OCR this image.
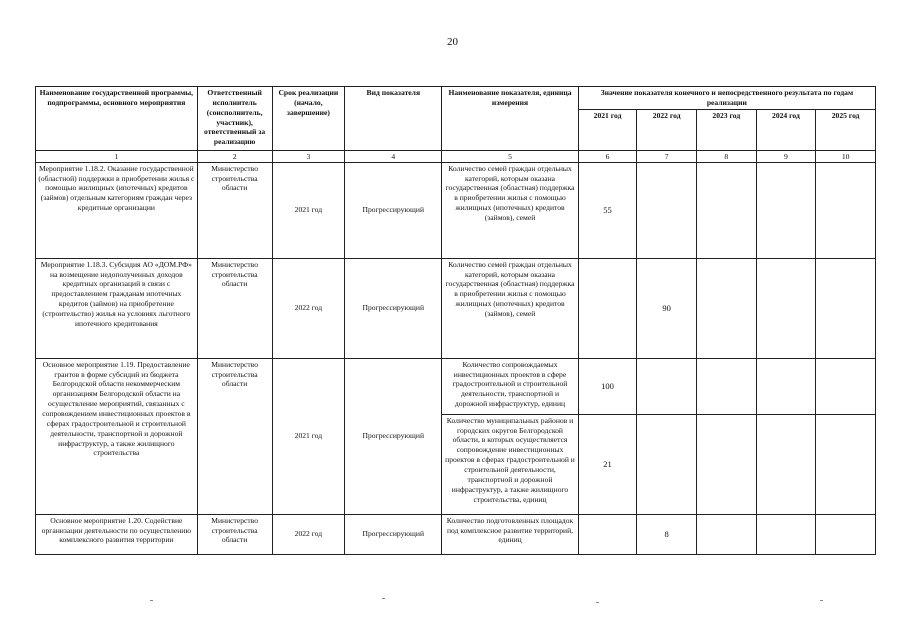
20
Наименование государственной программы, подпрограммы, основного мероприятия	Ответственный исполнитель (соисполнитель, участник), ответственный за реализацию	Срок реализации (начало, завершение)	Вид показателя	Наименование показателя, единица измерения	Значение показателя конечного и непосредственного результата по годам реализации				
					2021 год	2022 год	2023 год	2024 год	2025 год
1	2	3	4	5	6	7	8	9	10
Мероприятие 1.18.2. Оказание государственной (областной) поддержки в приобретении жилья с помощью жилищных (ипотечных) кредитов (займов) отдельным категориям граждан через кредитные организации	Министерство строительства области	2021 год	Прогрессирующий	Количество семей граждан отдельных категорий, которым оказана государственная (областная) поддержка в приобретении жилья с помощью жилищных (ипотечных) кредитов (займов), семей	55				
Мероприятие 1.18.3. Субсидия АО «ДОМ.РФ» на возмещение недополученных доходов кредитных организаций в связи с предоставлением гражданам ипотечных кредитов (займов) на приобретение (строительство) жилья на условиях льготного ипотечного кредитования	Министерство строительства области	2022 год	Прогрессирующий	Количество семей граждан отдельных категорий, которым оказана государственная (областная) поддержка в приобретении жилья с помощью жилищных (ипотечных) кредитов (займов), семей		90			
Основное мероприятие 1.19. Предоставление грантов в форме субсидий из бюджета Белгородской области некоммерческим организациям Белгородской области на осуществление мероприятий, связанных с сопровождением инвестиционных проектов в сферах градостроительной и строительной деятельности, транспортной и дорожной инфраструктур, а также жилищного строительства	Министерство строительства области	2021 год	Прогрессирующий	Количество сопровождаемых инвестиционных проектов в сфере градостроительной и строительной деятельности, транспортной и дорожной инфраструктур, единиц	100				
				Количество муниципальных районов и городских округов Белгородской области, в которых осуществляется сопровождение инвестиционных проектов в сферах градостроительной и строительной деятельности, транспортной и дорожной инфраструктур, а также жилищного строительства, единиц	21				
Основное мероприятие 1.20. Содействие организации деятельности по осуществлению комплексного развития территории	Министерство строительства области	2022 год	Прогрессирующий	Количество подготовленных площадок под комплексное развитие территорий, единиц		8			
